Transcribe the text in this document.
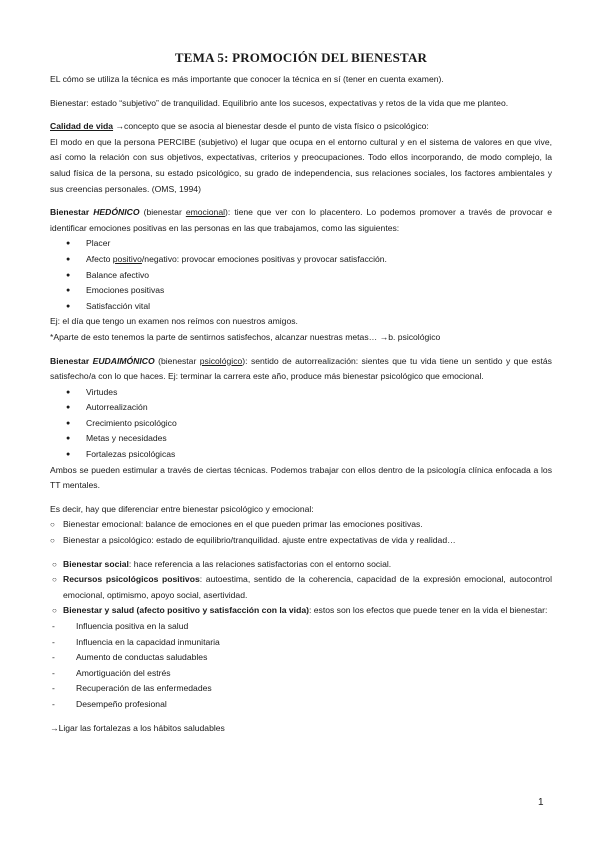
TEMA 5: PROMOCIÓN DEL BIENESTAR

EL cómo se utiliza la técnica es más importante que conocer la técnica en sí (tener en cuenta examen).

Bienestar: estado “subjetivo” de tranquilidad. Equilibrio ante los sucesos, expectativas y retos de la vida que me planteo.

Calidad de vida →concepto que se asocia al bienestar desde el punto de vista físico o psicológico:

El modo en que la persona PERCIBE (subjetivo) el lugar que ocupa en el entorno cultural y en el sistema de valores en que vive, así como la relación con sus objetivos, expectativas, criterios y preocupaciones. Todo ellos incorporando, de modo complejo, la salud física de la persona, su estado psicológico, su grado de independencia, sus relaciones sociales, los factores ambientales y sus creencias personales. (OMS, 1994)

Bienestar HEDÓNICO (bienestar emocional): tiene que ver con lo placentero. Lo podemos promover a través de provocar e identificar emociones positivas en las personas en las que trabajamos, como las siguientes:

● Placer
● Afecto positivo/negativo: provocar emociones positivas y provocar satisfacción.
● Balance afectivo
● Emociones positivas
● Satisfacción vital

Ej: el día que tengo un examen nos reímos con nuestros amigos.

*Aparte de esto tenemos la parte de sentirnos satisfechos, alcanzar nuestras metas… →b. psicológico

Bienestar EUDAIMÓNICO (bienestar psicológico): sentido de autorrealización: sientes que tu vida tiene un sentido y que estás satisfecho/a con lo que haces. Ej: terminar la carrera este año, produce más bienestar psicológico que emocional.

● Virtudes
● Autorrealización
● Crecimiento psicológico
● Metas y necesidades
● Fortalezas psicológicas

Ambos se pueden estimular a través de ciertas técnicas. Podemos trabajar con ellos dentro de la psicología clínica enfocada a los TT mentales.

Es decir, hay que diferenciar entre bienestar psicológico y emocional:

○ Bienestar emocional: balance de emociones en el que pueden primar las emociones positivas.
○ Bienestar a psicológico: estado de equilibrio/tranquilidad. ajuste entre expectativas de vida y realidad…
○ Bienestar social: hace referencia a las relaciones satisfactorias con el entorno social.
○ Recursos psicológicos positivos: autoestima, sentido de la coherencia, capacidad de la expresión emocional, autocontrol emocional, optimismo, apoyo social, asertividad.
○ Bienestar y salud (afecto positivo y satisfacción con la vida): estos son los efectos que puede tener en la vida el bienestar:
- Influencia positiva en la salud
- Influencia en la capacidad inmunitaria
- Aumento de conductas saludables
- Amortiguación del estrés
- Recuperación de las enfermedades
- Desempeño profesional

→Ligar las fortalezas a los hábitos saludables

1
